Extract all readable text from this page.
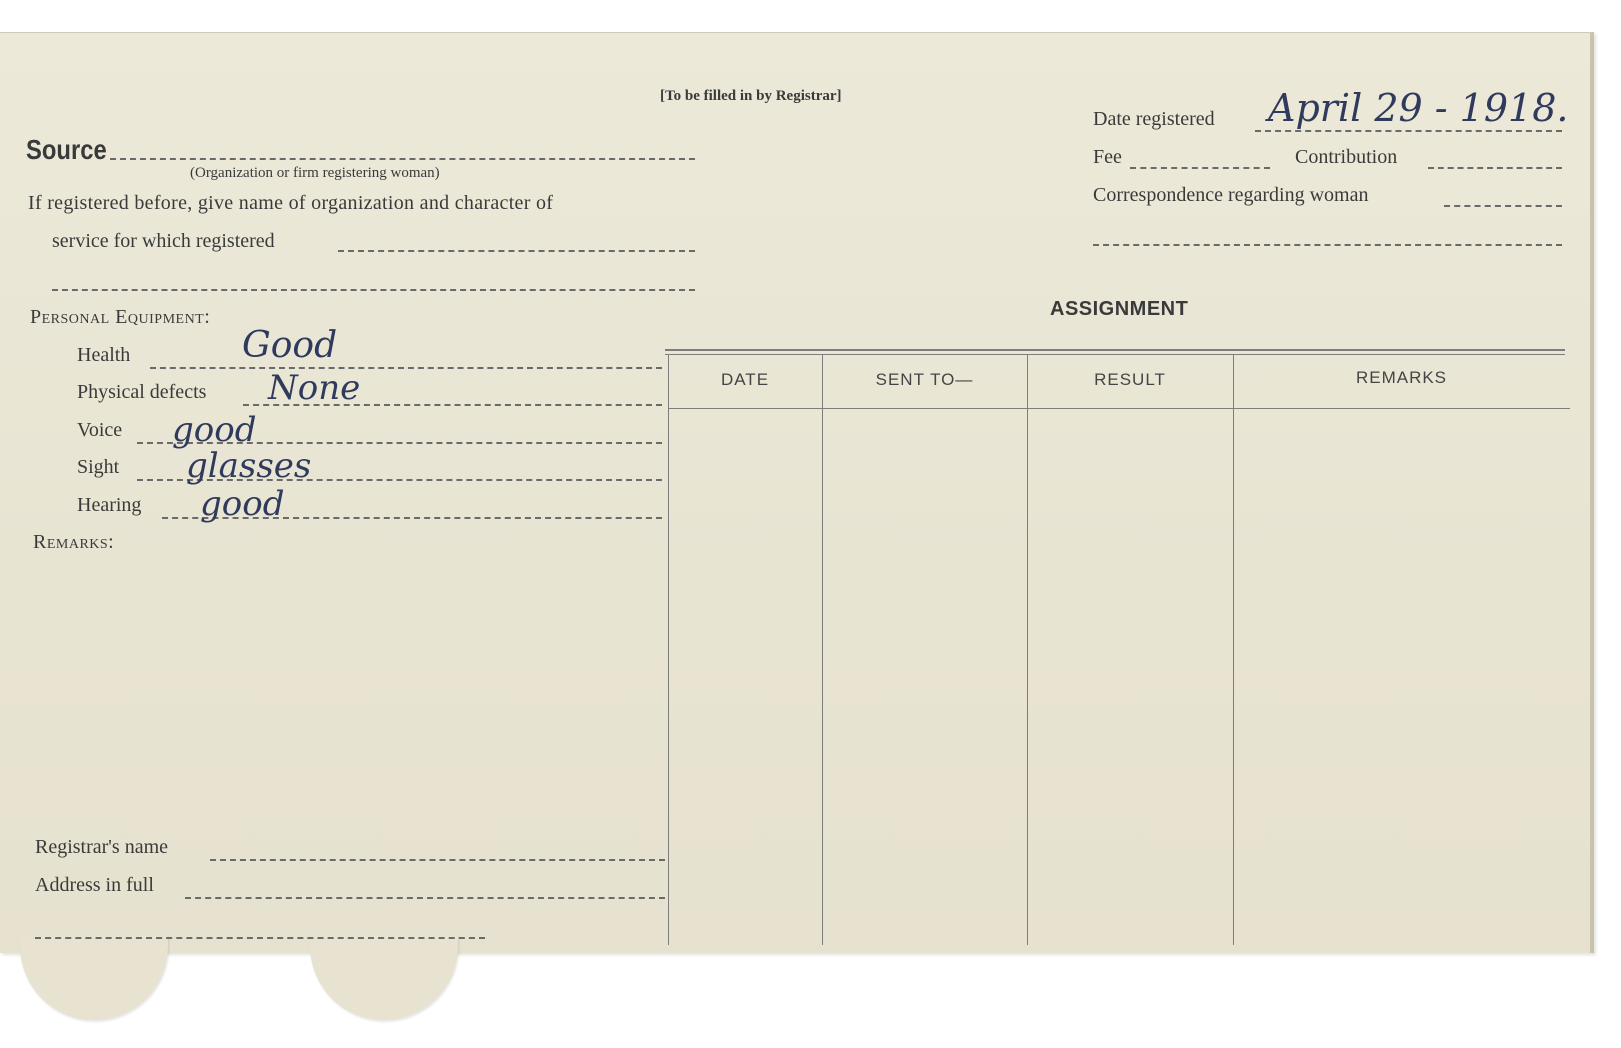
[To be filled in by Registrar]
Source
(Organization or firm registering woman)
If registered before, give name of organization and character of
service for which registered
Personal Equipment:
Health	Good
Physical defects None
Voice good
Sight glasses
Hearing good
Remarks:
Registrar's name
Address in full
Date registered April 29 - 1918.
Fee	Contribution
Correspondence regarding woman
ASSIGNMENT
DATE	SENT TO—	RESULT	REMARKS
